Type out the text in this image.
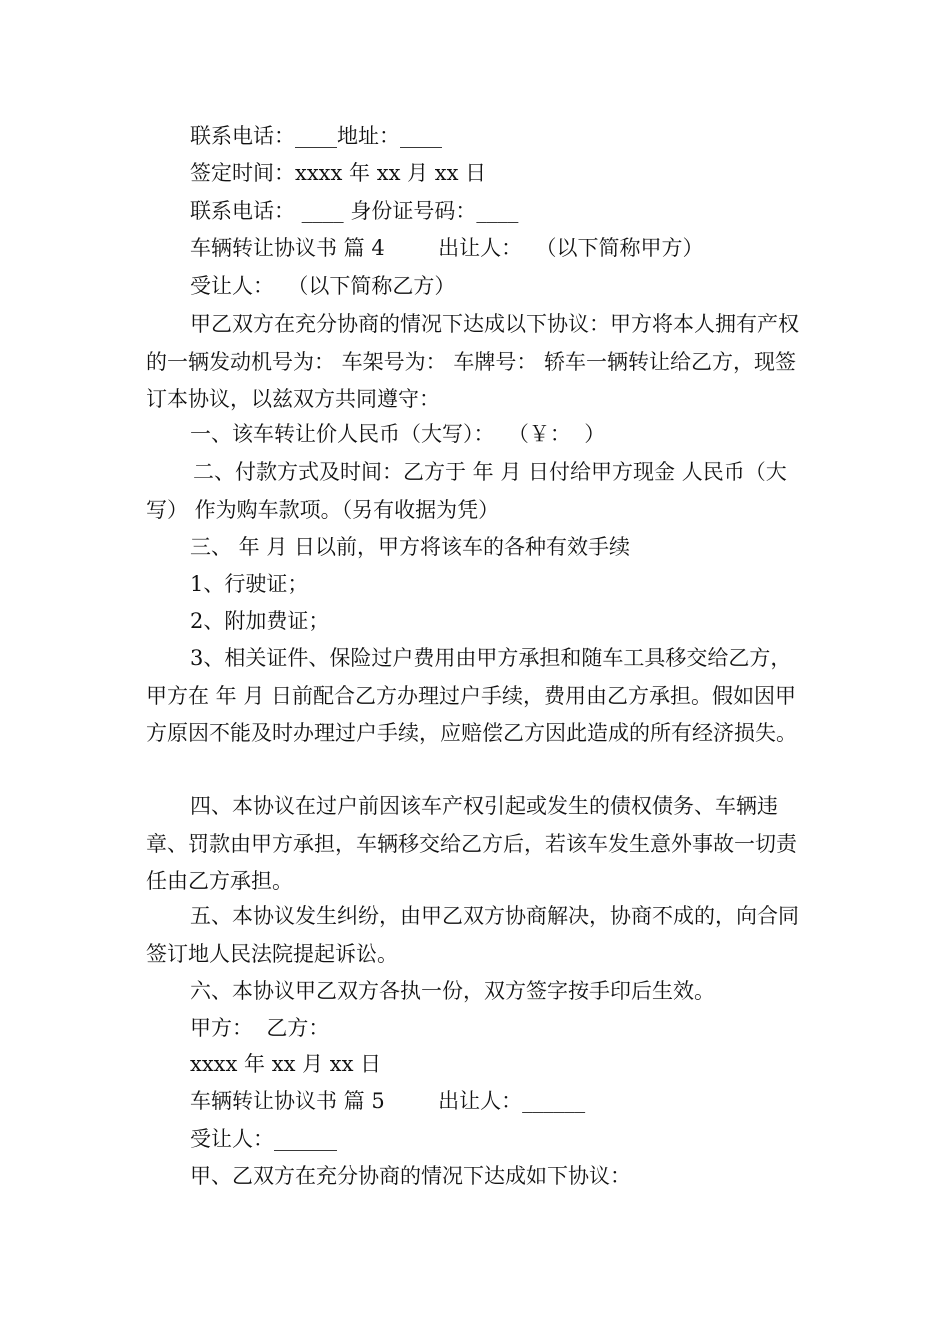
联系电话：____地址：____
签定时间：xxxx 年 xx 月 xx 日
联系电话： ____ 身份证号码：____
车辆转让协议书 篇 4        出让人：  （以下简称甲方）
受让人：  （以下简称乙方）
甲乙双方在充分协商的情况下达成以下协议：甲方将本人拥有产权的一辆发动机号为： 车架号为： 车牌号： 轿车一辆转让给乙方，现签订本协议，以兹双方共同遵守：
一、该车转让价人民币（大写）：  （￥：  ）
二、付款方式及时间：乙方于 年 月 日付给甲方现金 人民币（大写） 作为购车款项。（另有收据为凭）
三、 年 月 日以前，甲方将该车的各种有效手续
1、行驶证；
2、附加费证；
3、相关证件、保险过户费用由甲方承担和随车工具移交给乙方，甲方在 年 月 日前配合乙方办理过户手续，费用由乙方承担。假如因甲方原因不能及时办理过户手续，应赔偿乙方因此造成的所有经济损失。
四、本协议在过户前因该车产权引起或发生的债权债务、车辆违章、罚款由甲方承担，车辆移交给乙方后，若该车发生意外事故一切责任由乙方承担。
五、本协议发生纠纷，由甲乙双方协商解决，协商不成的，向合同签订地人民法院提起诉讼。
六、本协议甲乙双方各执一份，双方签字按手印后生效。
甲方：  乙方：
xxxx 年 xx 月 xx 日
车辆转让协议书 篇 5        出让人：______
受让人：______
甲、乙双方在充分协商的情况下达成如下协议：
